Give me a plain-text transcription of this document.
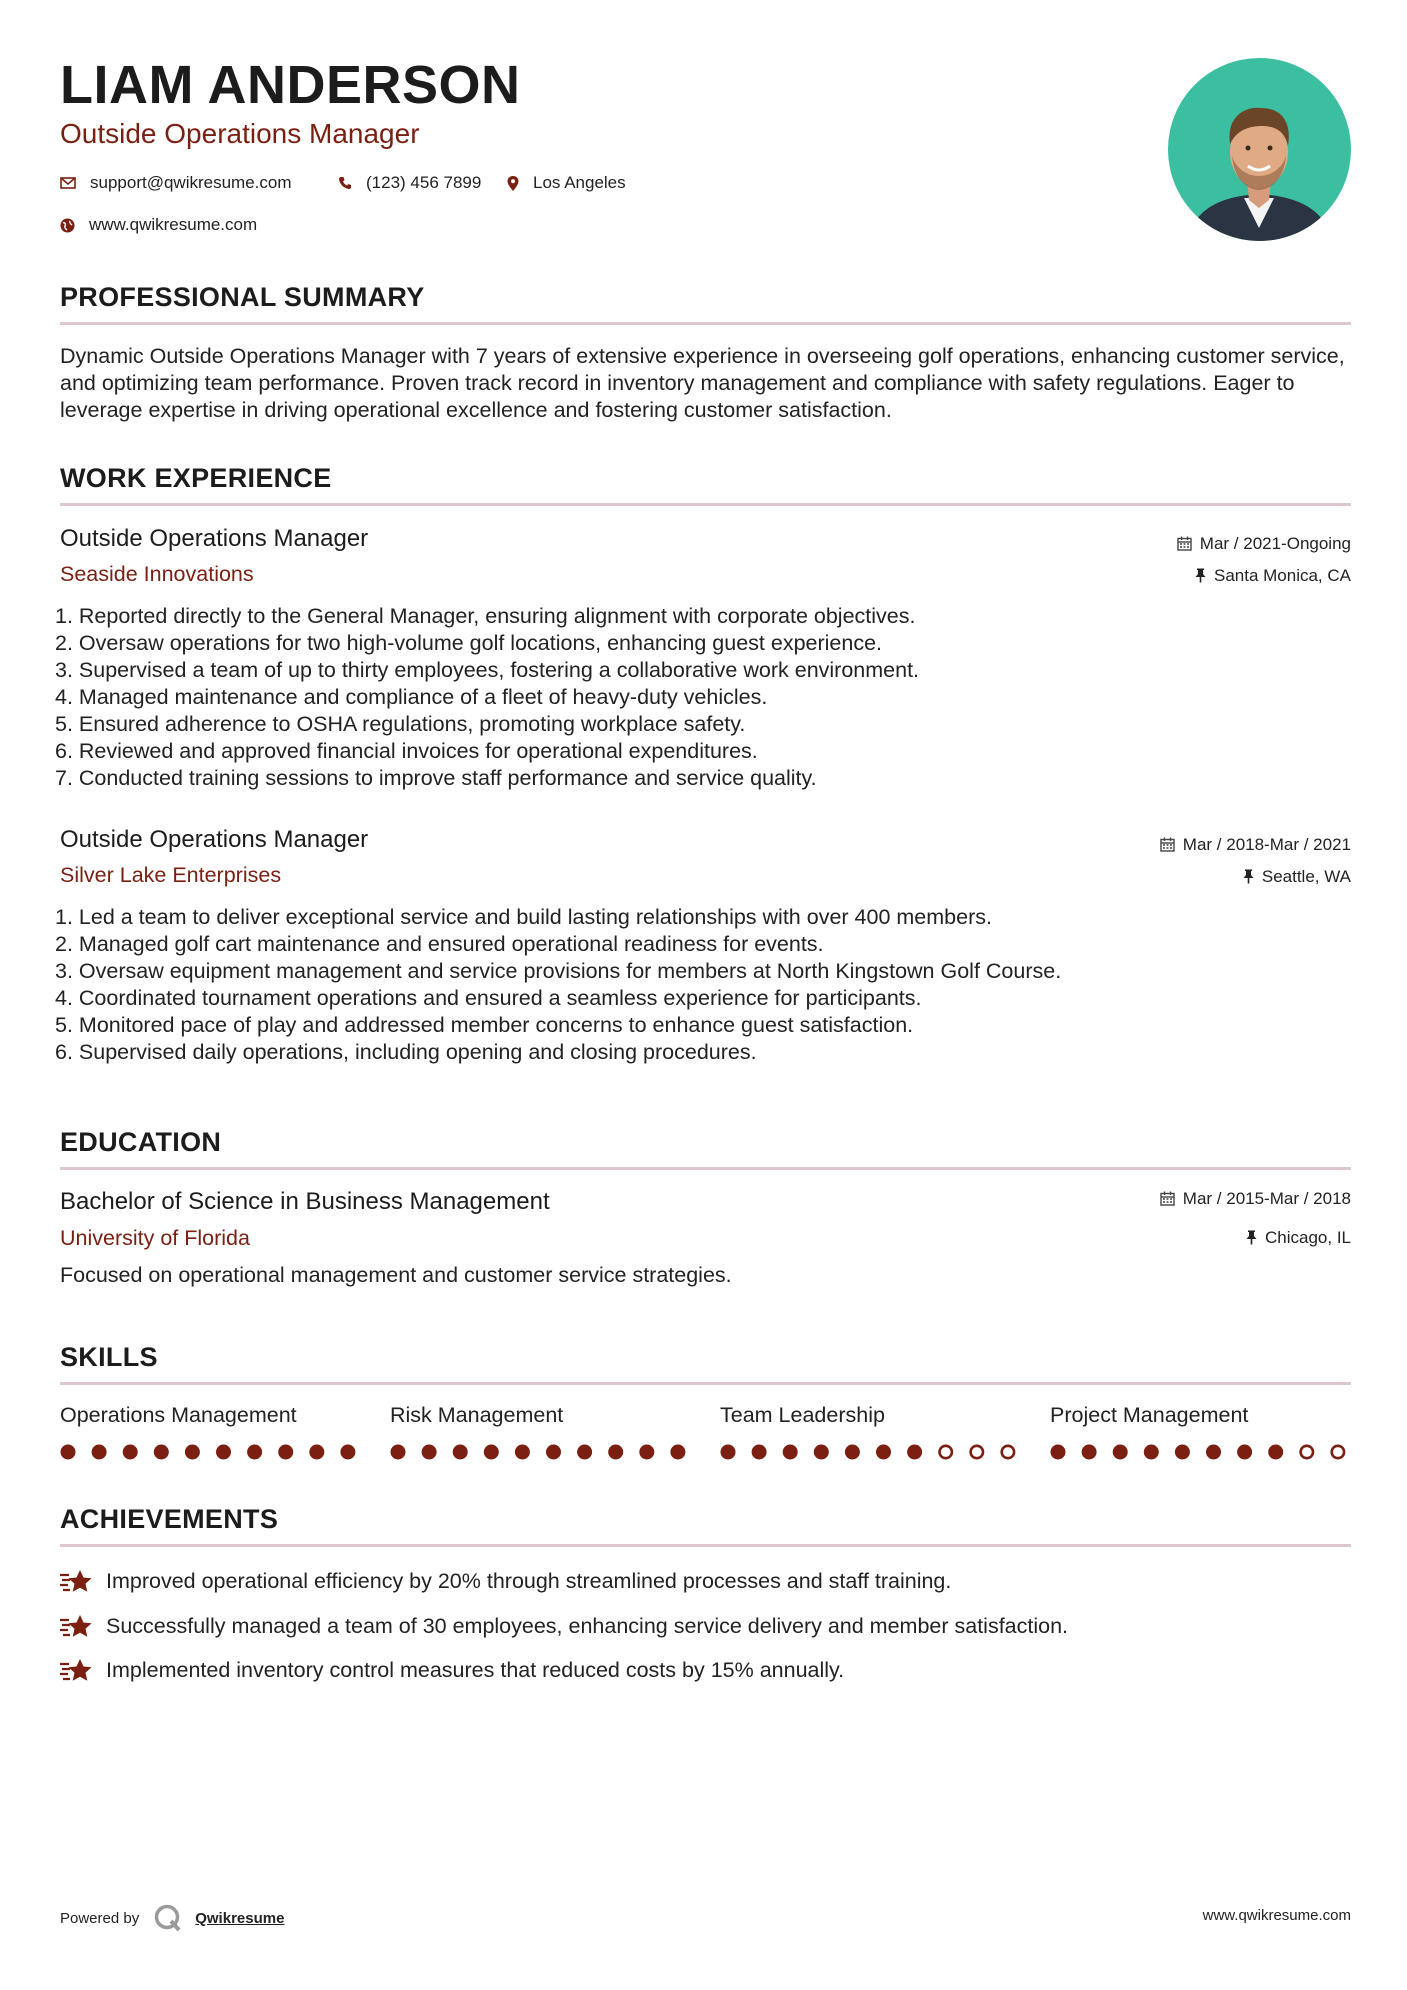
LIAM ANDERSON
Outside Operations Manager
support@qwikresume.com	(123) 456 7899	Los Angeles
www.qwikresume.com
PROFESSIONAL SUMMARY

Dynamic Outside Operations Manager with 7 years of extensive experience in overseeing golf operations, enhancing customer service, and optimizing team performance. Proven track record in inventory management and compliance with safety regulations. Eager to leverage expertise in driving operational excellence and fostering customer satisfaction.

WORK EXPERIENCE
Outside Operations Manager
Seaside Innovations
Mar / 2021-Ongoing
Santa Monica, CA
1. Reported directly to the General Manager, ensuring alignment with corporate objectives.
2. Oversaw operations for two high-volume golf locations, enhancing guest experience.
3. Supervised a team of up to thirty employees, fostering a collaborative work environment.
4. Managed maintenance and compliance of a fleet of heavy-duty vehicles.
5. Ensured adherence to OSHA regulations, promoting workplace safety.
6. Reviewed and approved financial invoices for operational expenditures.
7. Conducted training sessions to improve staff performance and service quality.
Outside Operations Manager
Silver Lake Enterprises
Mar / 2018-Mar / 2021
Seattle, WA
1. Led a team to deliver exceptional service and build lasting relationships with over 400 members.
2. Managed golf cart maintenance and ensured operational readiness for events.
3. Oversaw equipment management and service provisions for members at North Kingstown Golf Course.
4. Coordinated tournament operations and ensured a seamless experience for participants.
5. Monitored pace of play and addressed member concerns to enhance guest satisfaction.
6. Supervised daily operations, including opening and closing procedures.
EDUCATION
Bachelor of Science in Business Management
University of Florida
Mar / 2015-Mar / 2018
Chicago, IL

Focused on operational management and customer service strategies.

SKILLS
Operations Management	Risk Management	Team Leadership	Project Management
ACHIEVEMENTS
Improved operational efficiency by 20% through streamlined processes and staff training.
Successfully managed a team of 30 employees, enhancing service delivery and member satisfaction.
Implemented inventory control measures that reduced costs by 15% annually.
Powered by	Qwikresume	www.qwikresume.com
